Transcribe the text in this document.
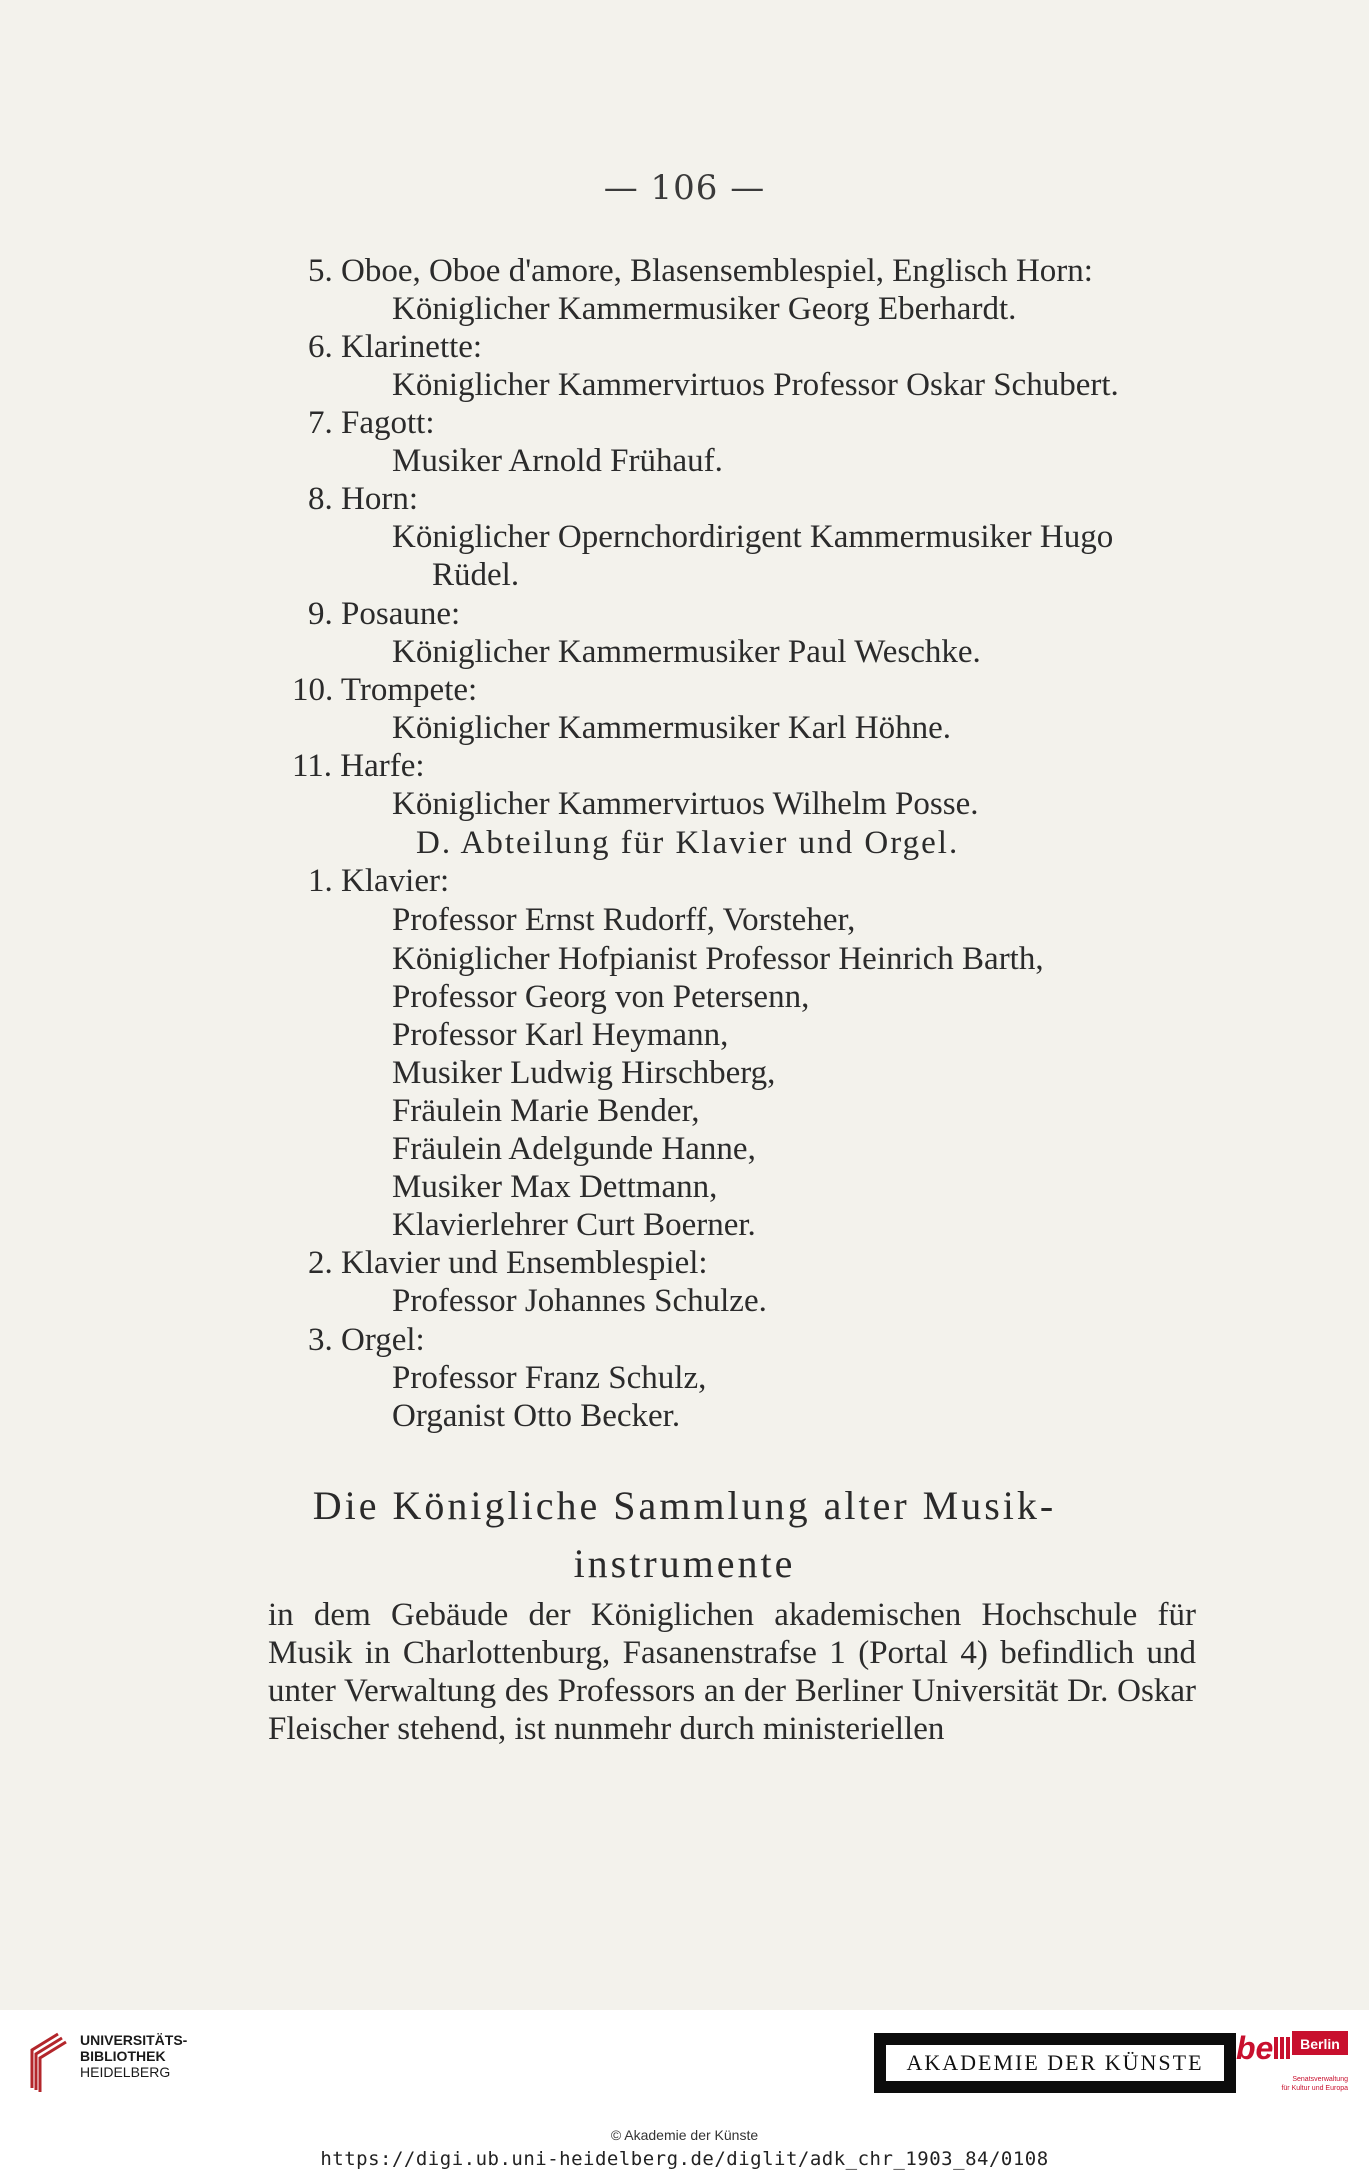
— 106 —
5. Oboe, Oboe d'amore, Blasensemblespiel, Englisch Horn:
Königlicher Kammermusiker Georg Eberhardt.
6. Klarinette:
Königlicher Kammervirtuos Professor Oskar Schubert.
7. Fagott:
Musiker Arnold Frühauf.
8. Horn:
Königlicher Opernchordirigent Kammermusiker Hugo
Rüdel.
9. Posaune:
Königlicher Kammermusiker Paul Weschke.
10. Trompete:
Königlicher Kammermusiker Karl Höhne.
11. Harfe:
Königlicher Kammervirtuos Wilhelm Posse.
D. Abteilung für Klavier und Orgel.
1. Klavier:
Professor Ernst Rudorff, Vorsteher,
Königlicher Hofpianist Professor Heinrich Barth,
Professor Georg von Petersenn,
Professor Karl Heymann,
Musiker Ludwig Hirschberg,
Fräulein Marie Bender,
Fräulein Adelgunde Hanne,
Musiker Max Dettmann,
Klavierlehrer Curt Boerner.
2. Klavier und Ensemblespiel:
Professor Johannes Schulze.
3. Orgel:
Professor Franz Schulz,
Organist Otto Becker.
Die Königliche Sammlung alter Musik-
instrumente
in dem Gebäude der Königlichen akademischen Hochschule für Musik in Charlottenburg, Fasanenstrafse 1 (Portal 4) befindlich und unter Verwaltung des Professors an der Berliner Universität Dr. Oskar Fleischer stehend, ist nunmehr durch ministeriellen
UNIVERSITÄTS-
BIBLIOTHEK
HEIDELBERG	AKADEMIE DER KÜNSTE	be Berlin
Senatsverwaltung
für Kultur und Europa
© Akademie der Künste
https://digi.ub.uni-heidelberg.de/diglit/adk_chr_1903_84/0108
